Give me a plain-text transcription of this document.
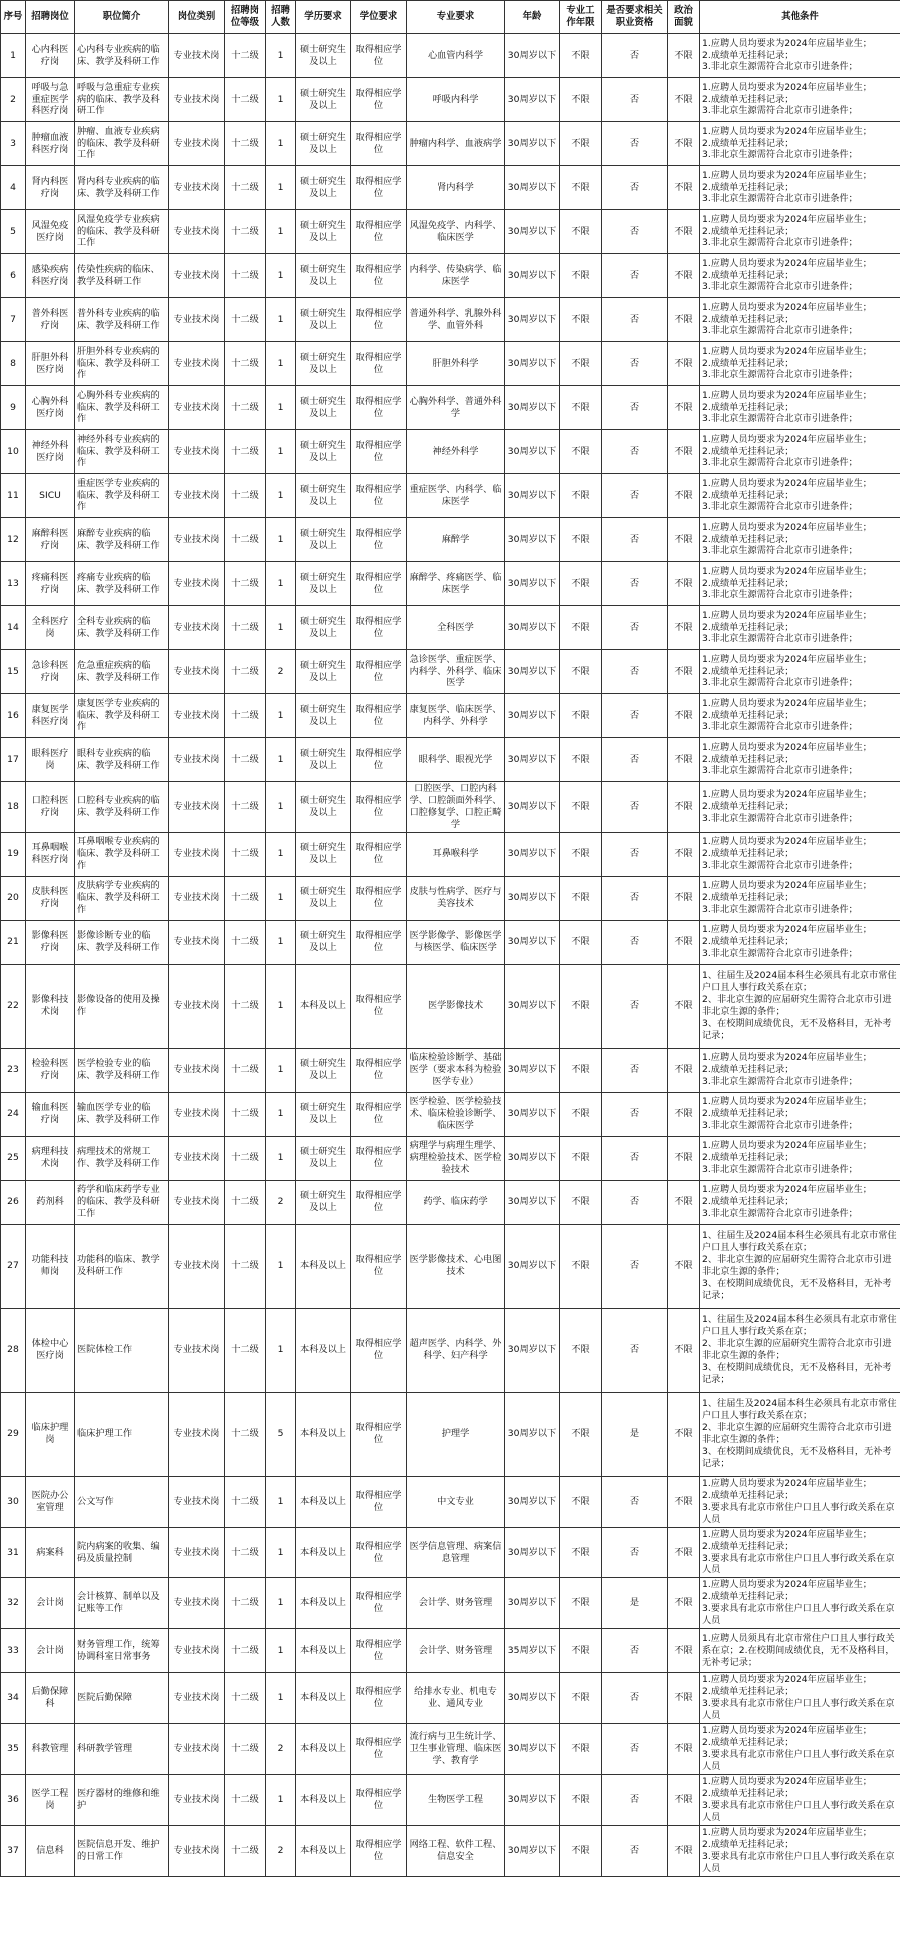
序号	招聘岗位	职位简介	岗位类别	招聘岗位等级	招聘人数	学历要求	学位要求	专业要求	年龄	专业工作年限	是否要求相关职业资格	政治面貌	其他条件
1	心内科医疗岗	心内科专业疾病的临床、教学及科研工作	专业技术岗	十二级	1	硕士研究生及以上	取得相应学位	心血管内科学	30周岁以下	不限	否	不限	1.应聘人员均要求为2024年应届毕业生；
2.成绩单无挂科记录；
3.非北京生源需符合北京市引进条件；

2	呼吸与急重症医学科医疗岗	呼吸与急重症专业疾病的临床、教学及科研工作	专业技术岗	十二级	1	硕士研究生及以上	取得相应学位	呼吸内科学	30周岁以下	不限	否	不限	1.应聘人员均要求为2024年应届毕业生；
2.成绩单无挂科记录；
3.非北京生源需符合北京市引进条件；

3	肿瘤血液科医疗岗	肿瘤、血液专业疾病的临床、教学及科研工作	专业技术岗	十二级	1	硕士研究生及以上	取得相应学位	肿瘤内科学、血液病学	30周岁以下	不限	否	不限	1.应聘人员均要求为2024年应届毕业生；
2.成绩单无挂科记录；
3.非北京生源需符合北京市引进条件；

4	肾内科医疗岗	肾内科专业疾病的临床、教学及科研工作	专业技术岗	十二级	1	硕士研究生及以上	取得相应学位	肾内科学	30周岁以下	不限	否	不限	1.应聘人员均要求为2024年应届毕业生；
2.成绩单无挂科记录；
3.非北京生源需符合北京市引进条件；

5	风湿免疫医疗岗	风湿免疫学专业疾病的临床、教学及科研工作	专业技术岗	十二级	1	硕士研究生及以上	取得相应学位	风湿免疫学、内科学、临床医学	30周岁以下	不限	否	不限	1.应聘人员均要求为2024年应届毕业生；
2.成绩单无挂科记录；
3.非北京生源需符合北京市引进条件；

6	感染疾病科医疗岗	传染性疾病的临床、教学及科研工作	专业技术岗	十二级	1	硕士研究生及以上	取得相应学位	内科学、传染病学、临床医学	30周岁以下	不限	否	不限	1.应聘人员均要求为2024年应届毕业生；
2.成绩单无挂科记录；
3.非北京生源需符合北京市引进条件；

7	普外科医疗岗	普外科专业疾病的临床、教学及科研工作	专业技术岗	十二级	1	硕士研究生及以上	取得相应学位	普通外科学、乳腺外科学、血管外科	30周岁以下	不限	否	不限	1.应聘人员均要求为2024年应届毕业生；
2.成绩单无挂科记录；
3.非北京生源需符合北京市引进条件；

8	肝胆外科医疗岗	肝胆外科专业疾病的临床、教学及科研工作	专业技术岗	十二级	1	硕士研究生及以上	取得相应学位	肝胆外科学	30周岁以下	不限	否	不限	1.应聘人员均要求为2024年应届毕业生；
2.成绩单无挂科记录；
3.非北京生源需符合北京市引进条件；

9	心胸外科医疗岗	心胸外科专业疾病的临床、教学及科研工作	专业技术岗	十二级	1	硕士研究生及以上	取得相应学位	心胸外科学、普通外科学	30周岁以下	不限	否	不限	1.应聘人员均要求为2024年应届毕业生；
2.成绩单无挂科记录；
3.非北京生源需符合北京市引进条件；

10	神经外科医疗岗	神经外科专业疾病的临床、教学及科研工作	专业技术岗	十二级	1	硕士研究生及以上	取得相应学位	神经外科学	30周岁以下	不限	否	不限	1.应聘人员均要求为2024年应届毕业生；
2.成绩单无挂科记录；
3.非北京生源需符合北京市引进条件；

11	SICU	重症医学专业疾病的临床、教学及科研工作	专业技术岗	十二级	1	硕士研究生及以上	取得相应学位	重症医学、内科学、临床医学	30周岁以下	不限	否	不限	1.应聘人员均要求为2024年应届毕业生；
2.成绩单无挂科记录；
3.非北京生源需符合北京市引进条件；

12	麻醉科医疗岗	麻醉专业疾病的临床、教学及科研工作	专业技术岗	十二级	1	硕士研究生及以上	取得相应学位	麻醉学	30周岁以下	不限	否	不限	1.应聘人员均要求为2024年应届毕业生；
2.成绩单无挂科记录；
3.非北京生源需符合北京市引进条件；

13	疼痛科医疗岗	疼痛专业疾病的临床、教学及科研工作	专业技术岗	十二级	1	硕士研究生及以上	取得相应学位	麻醉学、疼痛医学、临床医学	30周岁以下	不限	否	不限	1.应聘人员均要求为2024年应届毕业生；
2.成绩单无挂科记录；
3.非北京生源需符合北京市引进条件；

14	全科医疗岗	全科专业疾病的临床、教学及科研工作	专业技术岗	十二级	1	硕士研究生及以上	取得相应学位	全科医学	30周岁以下	不限	否	不限	1.应聘人员均要求为2024年应届毕业生；
2.成绩单无挂科记录；
3.非北京生源需符合北京市引进条件；

15	急诊科医疗岗	危急重症疾病的临床、教学及科研工作	专业技术岗	十二级	2	硕士研究生及以上	取得相应学位	急诊医学、重症医学、内科学、外科学、临床医学	30周岁以下	不限	否	不限	1.应聘人员均要求为2024年应届毕业生；
2.成绩单无挂科记录；
3.非北京生源需符合北京市引进条件；

16	康复医学科医疗岗	康复医学专业疾病的临床、教学及科研工作	专业技术岗	十二级	1	硕士研究生及以上	取得相应学位	康复医学、临床医学、内科学、外科学	30周岁以下	不限	否	不限	1.应聘人员均要求为2024年应届毕业生；
2.成绩单无挂科记录；
3.非北京生源需符合北京市引进条件；

17	眼科医疗岗	眼科专业疾病的临床、教学及科研工作	专业技术岗	十二级	1	硕士研究生及以上	取得相应学位	眼科学、眼视光学	30周岁以下	不限	否	不限	1.应聘人员均要求为2024年应届毕业生；
2.成绩单无挂科记录；
3.非北京生源需符合北京市引进条件；

18	口腔科医疗岗	口腔科专业疾病的临床、教学及科研工作	专业技术岗	十二级	1	硕士研究生及以上	取得相应学位	口腔医学、口腔内科学、口腔颌面外科学、口腔修复学、口腔正畸学	30周岁以下	不限	否	不限	1.应聘人员均要求为2024年应届毕业生；
2.成绩单无挂科记录；
3.非北京生源需符合北京市引进条件；

19	耳鼻咽喉科医疗岗	耳鼻咽喉专业疾病的临床、教学及科研工作	专业技术岗	十二级	1	硕士研究生及以上	取得相应学位	耳鼻喉科学	30周岁以下	不限	否	不限	1.应聘人员均要求为2024年应届毕业生；
2.成绩单无挂科记录；
3.非北京生源需符合北京市引进条件；

20	皮肤科医疗岗	皮肤病学专业疾病的临床、教学及科研工作	专业技术岗	十二级	1	硕士研究生及以上	取得相应学位	皮肤与性病学、医疗与美容技术	30周岁以下	不限	否	不限	1.应聘人员均要求为2024年应届毕业生；
2.成绩单无挂科记录；
3.非北京生源需符合北京市引进条件；

21	影像科医疗岗	影像诊断专业的临床、教学及科研工作	专业技术岗	十二级	1	硕士研究生及以上	取得相应学位	医学影像学、影像医学与核医学、临床医学	30周岁以下	不限	否	不限	1.应聘人员均要求为2024年应届毕业生；
2.成绩单无挂科记录；
3.非北京生源需符合北京市引进条件；

22	影像科技术岗	影像设备的使用及操作	专业技术岗	十二级	1	本科及以上	取得相应学位	医学影像技术	30周岁以下	不限	否	不限	1、往届生及2024届本科生必须具有北京市常住户口且人事行政关系在京；
2、非北京生源的应届研究生需符合北京市引进非北京生源的条件；
3、在校期间成绩优良，无不及格科目，无补考记录；

23	检验科医疗岗	医学检验专业的临床、教学及科研工作	专业技术岗	十二级	1	硕士研究生及以上	取得相应学位	临床检验诊断学、基础医学（要求本科为检验医学专业）	30周岁以下	不限	否	不限	1.应聘人员均要求为2024年应届毕业生；
2.成绩单无挂科记录；
3.非北京生源需符合北京市引进条件；

24	输血科医疗岗	输血医学专业的临床、教学及科研工作	专业技术岗	十二级	1	硕士研究生及以上	取得相应学位	医学检验、医学检验技术、临床检验诊断学、临床医学	30周岁以下	不限	否	不限	1.应聘人员均要求为2024年应届毕业生；
2.成绩单无挂科记录；
3.非北京生源需符合北京市引进条件；

25	病理科技术岗	病理技术的常规工作、教学及科研工作	专业技术岗	十二级	1	硕士研究生及以上	取得相应学位	病理学与病理生理学、病理检验技术、医学检验技术	30周岁以下	不限	否	不限	1.应聘人员均要求为2024年应届毕业生；
2.成绩单无挂科记录；
3.非北京生源需符合北京市引进条件；

26	药剂科	药学和临床药学专业的临床、教学及科研工作	专业技术岗	十二级	2	硕士研究生及以上	取得相应学位	药学、临床药学	30周岁以下	不限	否	不限	1.应聘人员均要求为2024年应届毕业生；
2.成绩单无挂科记录；
3.非北京生源需符合北京市引进条件；

27	功能科技师岗	功能科的临床、教学及科研工作	专业技术岗	十二级	1	本科及以上	取得相应学位	医学影像技术、心电图技术	30周岁以下	不限	否	不限	1、往届生及2024届本科生必须具有北京市常住户口且人事行政关系在京；
2、非北京生源的应届研究生需符合北京市引进非北京生源的条件；
3、在校期间成绩优良，无不及格科目，无补考记录；

28	体检中心医疗岗	医院体检工作	专业技术岗	十二级	1	本科及以上	取得相应学位	超声医学、内科学、外科学、妇产科学	30周岁以下	不限	否	不限	1、往届生及2024届本科生必须具有北京市常住户口且人事行政关系在京；
2、非北京生源的应届研究生需符合北京市引进非北京生源的条件；
3、在校期间成绩优良，无不及格科目，无补考记录；

29	临床护理岗	临床护理工作	专业技术岗	十二级	5	本科及以上	取得相应学位	护理学	30周岁以下	不限	是	不限	1、往届生及2024届本科生必须具有北京市常住户口且人事行政关系在京；
2、非北京生源的应届研究生需符合北京市引进非北京生源的条件；
3、在校期间成绩优良，无不及格科目，无补考记录；

30	医院办公室管理	公文写作	专业技术岗	十二级	1	本科及以上	取得相应学位	中文专业	30周岁以下	不限	否	不限	1.应聘人员均要求为2024年应届毕业生；
2.成绩单无挂科记录；
3.要求具有北京市常住户口且人事行政关系在京人员

31	病案科	院内病案的收集、编码及质量控制	专业技术岗	十二级	1	本科及以上	取得相应学位	医学信息管理、病案信息管理	30周岁以下	不限	否	不限	1.应聘人员均要求为2024年应届毕业生；
2.成绩单无挂科记录；
3.要求具有北京市常住户口且人事行政关系在京人员

32	会计岗	会计核算、制单以及记账等工作	专业技术岗	十二级	1	本科及以上	取得相应学位	会计学、财务管理	30周岁以下	不限	是	不限	1.应聘人员均要求为2024年应届毕业生；
2.成绩单无挂科记录；
3.要求具有北京市常住户口且人事行政关系在京人员

33	会计岗	财务管理工作，统筹协调科室日常事务	专业技术岗	十二级	1	本科及以上	取得相应学位	会计学、财务管理	35周岁以下	不限	否	不限	1.应聘人员须具有北京市常住户口且人事行政关系在京；2.在校期间成绩优良，无不及格科目，无补考记录；

34	后勤保障科	医院后勤保障	专业技术岗	十二级	1	本科及以上	取得相应学位	给排水专业、机电专业、通风专业	30周岁以下	不限	否	不限	1.应聘人员均要求为2024年应届毕业生；
2.成绩单无挂科记录；
3.要求具有北京市常住户口且人事行政关系在京人员

35	科教管理	科研教学管理	专业技术岗	十二级	2	本科及以上	取得相应学位	流行病与卫生统计学、卫生事业管理、临床医学、教育学	30周岁以下	不限	否	不限	1.应聘人员均要求为2024年应届毕业生；
2.成绩单无挂科记录；
3.要求具有北京市常住户口且人事行政关系在京人员

36	医学工程岗	医疗器材的维修和维护	专业技术岗	十二级	1	本科及以上	取得相应学位	生物医学工程	30周岁以下	不限	否	不限	1.应聘人员均要求为2024年应届毕业生；
2.成绩单无挂科记录；
3.要求具有北京市常住户口且人事行政关系在京人员

37	信息科	医院信息开发、维护的日常工作	专业技术岗	十二级	2	本科及以上	取得相应学位	网络工程、软件工程、信息安全	30周岁以下	不限	否	不限	1.应聘人员均要求为2024年应届毕业生；
2.成绩单无挂科记录；
3.要求具有北京市常住户口且人事行政关系在京人员
